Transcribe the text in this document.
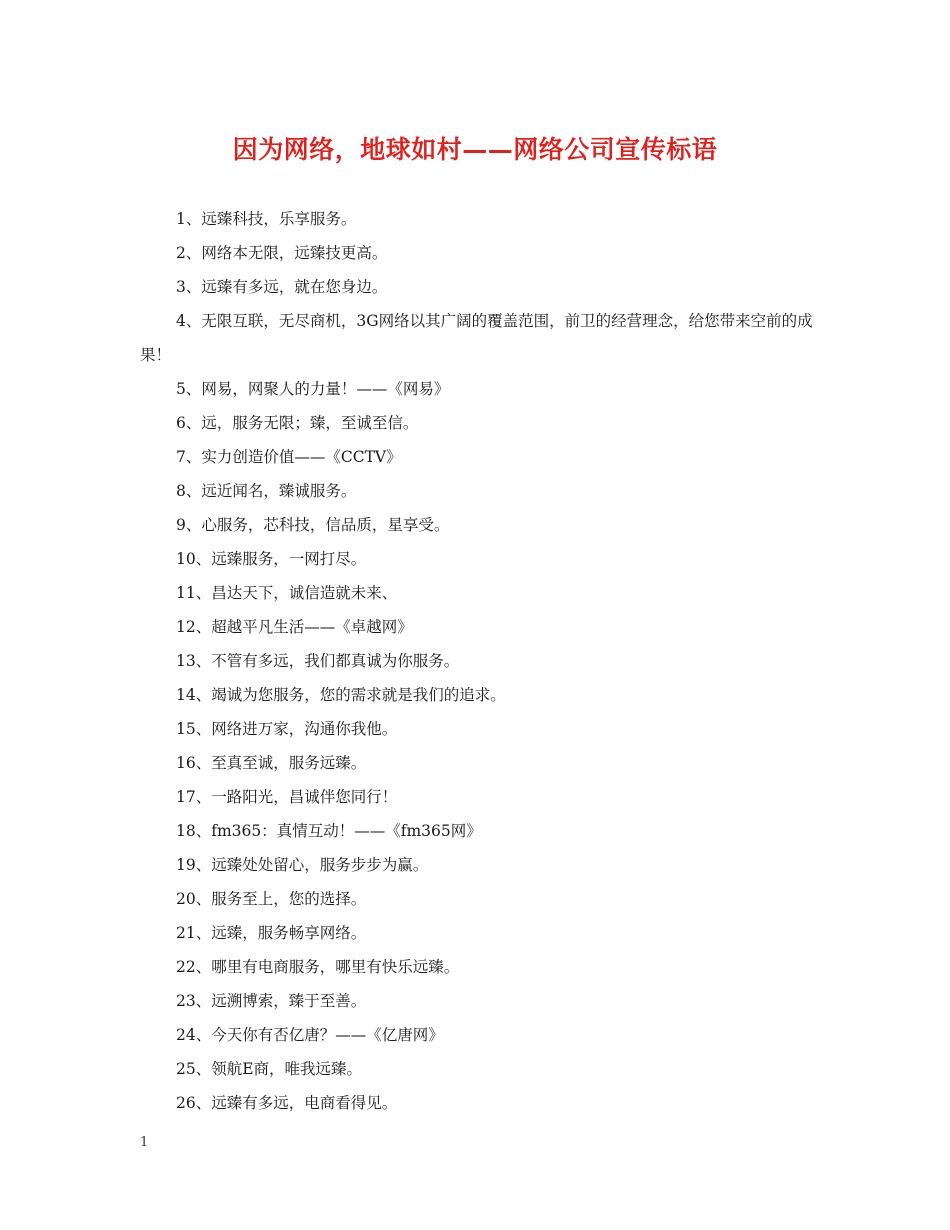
因为网络，地球如村——网络公司宣传标语
1、远臻科技，乐享服务。
2、网络本无限，远臻技更高。
3、远臻有多远，就在您身边。
4、无限互联，无尽商机，3G网络以其广阔的覆盖范围，前卫的经营理念，给您带来空前的成果！
5、网易，网聚人的力量！——《网易》
6、远，服务无限；臻，至诚至信。
7、实力创造价值——《CCTV》
8、远近闻名，臻诚服务。
9、心服务，芯科技，信品质，星享受。
10、远臻服务，一网打尽。
11、昌达天下，诚信造就未来、
12、超越平凡生活——《卓越网》
13、不管有多远，我们都真诚为你服务。
14、竭诚为您服务，您的需求就是我们的追求。
15、网络进万家，沟通你我他。
16、至真至诚，服务远臻。
17、一路阳光，昌诚伴您同行！
18、fm365：真情互动！——《fm365网》
19、远臻处处留心，服务步步为赢。
20、服务至上，您的选择。
21、远臻，服务畅享网络。
22、哪里有电商服务，哪里有快乐远臻。
23、远溯博索，臻于至善。
24、今天你有否亿唐？——《亿唐网》
25、领航E商，唯我远臻。
26、远臻有多远，电商看得见。
1
